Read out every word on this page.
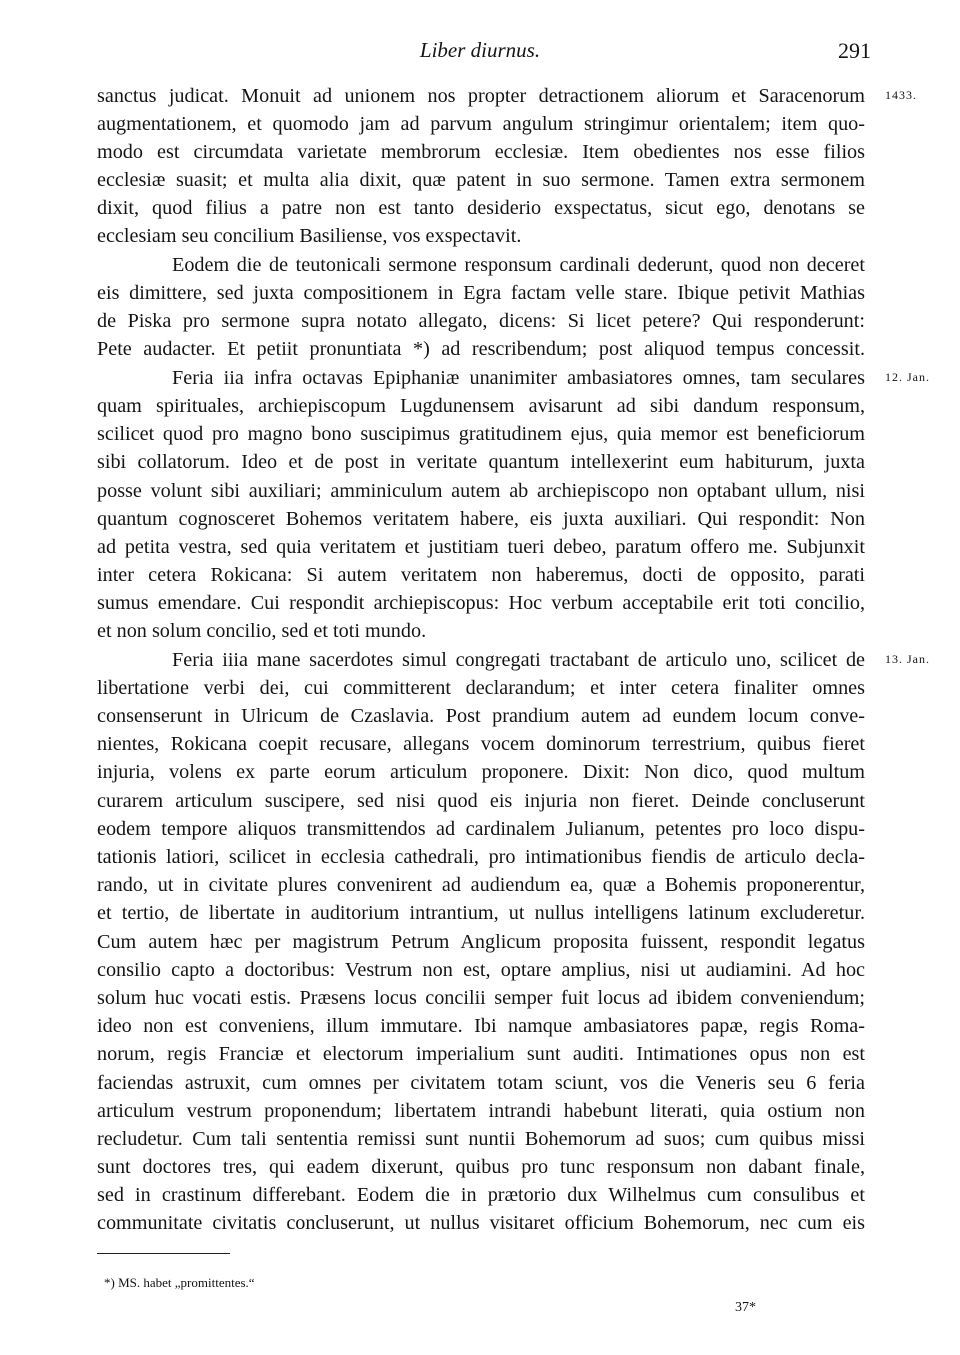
Liber diurnus.	291
1433.
12. Jan.
13. Jan.
sanctus judicat. Monuit ad unionem nos propter detractionem aliorum et Saracenorum
augmentationem, et quomodo jam ad parvum angulum stringimur orientalem; item quo-
modo est circumdata varietate membrorum ecclesiæ. Item obedientes nos esse filios
ecclesiæ suasit; et multa alia dixit, quæ patent in suo sermone. Tamen extra sermonem
dixit, quod filius a patre non est tanto desiderio exspectatus, sicut ego, denotans se
ecclesiam seu concilium Basiliense, vos exspectavit.
Eodem die de teutonicali sermone responsum cardinali dederunt, quod non deceret
eis dimittere, sed juxta compositionem in Egra factam velle stare. Ibique petivit Mathias
de Piska pro sermone supra notato allegato, dicens: Si licet petere? Qui responderunt:
Pete audacter. Et petiit pronuntiata *) ad rescribendum; post aliquod tempus concessit.
Feria iia infra octavas Epiphaniæ unanimiter ambasiatores omnes, tam seculares
quam spirituales, archiepiscopum Lugdunensem avisarunt ad sibi dandum responsum,
scilicet quod pro magno bono suscipimus gratitudinem ejus, quia memor est beneficiorum
sibi collatorum. Ideo et de post in veritate quantum intellexerint eum habiturum, juxta
posse volunt sibi auxiliari; amminiculum autem ab archiepiscopo non optabant ullum, nisi
quantum cognosceret Bohemos veritatem habere, eis juxta auxiliari. Qui respondit: Non
ad petita vestra, sed quia veritatem et justitiam tueri debeo, paratum offero me. Subjunxit
inter cetera Rokicana: Si autem veritatem non haberemus, docti de opposito, parati
sumus emendare. Cui respondit archiepiscopus: Hoc verbum acceptabile erit toti concilio,
et non solum concilio, sed et toti mundo.
Feria iiia mane sacerdotes simul congregati tractabant de articulo uno, scilicet de
libertatione verbi dei, cui committerent declarandum; et inter cetera finaliter omnes
consenserunt in Ulricum de Czaslavia. Post prandium autem ad eundem locum conve-
nientes, Rokicana coepit recusare, allegans vocem dominorum terrestrium, quibus fieret
injuria, volens ex parte eorum articulum proponere. Dixit: Non dico, quod multum
curarem articulum suscipere, sed nisi quod eis injuria non fieret. Deinde concluserunt
eodem tempore aliquos transmittendos ad cardinalem Julianum, petentes pro loco dispu-
tationis latiori, scilicet in ecclesia cathedrali, pro intimationibus fiendis de articulo decla-
rando, ut in civitate plures convenirent ad audiendum ea, quæ a Bohemis proponerentur,
et tertio, de libertate in auditorium intrantium, ut nullus intelligens latinum excluderetur.
Cum autem hæc per magistrum Petrum Anglicum proposita fuissent, respondit legatus
consilio capto a doctoribus: Vestrum non est, optare amplius, nisi ut audiamini. Ad hoc
solum huc vocati estis. Præsens locus concilii semper fuit locus ad ibidem conveniendum;
ideo non est conveniens, illum immutare. Ibi namque ambasiatores papæ, regis Roma-
norum, regis Franciæ et electorum imperialium sunt auditi. Intimationes opus non est
faciendas astruxit, cum omnes per civitatem totam sciunt, vos die Veneris seu 6 feria
articulum vestrum proponendum; libertatem intrandi habebunt literati, quia ostium non
recludetur. Cum tali sententia remissi sunt nuntii Bohemorum ad suos; cum quibus missi
sunt doctores tres, qui eadem dixerunt, quibus pro tunc responsum non dabant finale,
sed in crastinum differebant. Eodem die in prætorio dux Wilhelmus cum consulibus et
communitate civitatis concluserunt, ut nullus visitaret officium Bohemorum, nec cum eis
*) MS. habet „promittentes.“
37*
